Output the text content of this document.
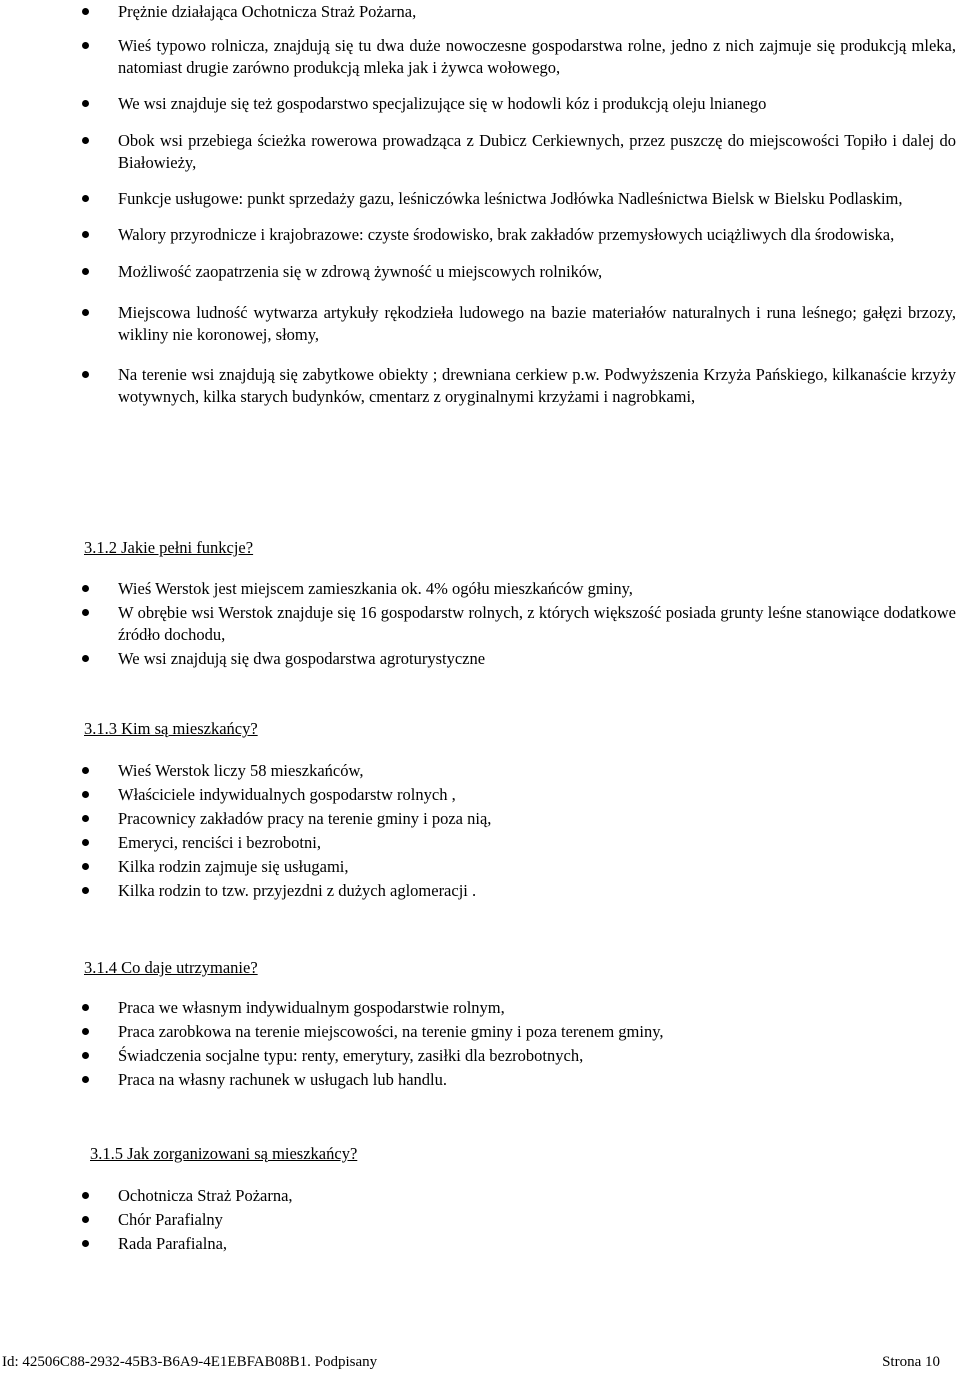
Prężnie działająca Ochotnicza Straż Pożarna,
Wieś typowo rolnicza, znajdują się tu dwa duże nowoczesne gospodarstwa rolne, jedno z nich zajmuje się produkcją mleka, natomiast drugie zarówno produkcją mleka jak i żywca wołowego,
We wsi znajduje się też gospodarstwo specjalizujące się w hodowli kóz i produkcją oleju lnianego
Obok wsi przebiega ścieżka rowerowa prowadząca z Dubicz Cerkiewnych, przez puszczę do miejscowości Topiło i dalej do Białowieży,
Funkcje usługowe: punkt sprzedaży gazu, leśniczówka leśnictwa Jodłówka Nadleśnictwa Bielsk w Bielsku Podlaskim,
Walory przyrodnicze i krajobrazowe: czyste środowisko, brak zakładów przemysłowych uciążliwych dla środowiska,
Możliwość zaopatrzenia się w zdrową żywność u miejscowych rolników,
Miejscowa ludność wytwarza artykuły rękodzieła ludowego na bazie materiałów naturalnych i runa leśnego; gałęzi brzozy, wikliny nie koronowej, słomy,
Na terenie wsi znajdują się zabytkowe obiekty ; drewniana cerkiew p.w. Podwyższenia Krzyża Pańskiego, kilkanaście krzyży wotywnych, kilka starych budynków, cmentarz z oryginalnymi krzyżami i nagrobkami,
3.1.2 Jakie pełni funkcje?
Wieś Werstok jest miejscem zamieszkania ok. 4% ogółu mieszkańców gminy,
W obrębie wsi Werstok znajduje się 16 gospodarstw rolnych, z których większość posiada grunty leśne stanowiące dodatkowe źródło dochodu,
We wsi znajdują się dwa gospodarstwa agroturystyczne
3.1.3 Kim są mieszkańcy?
Wieś Werstok liczy 58 mieszkańców,
Właściciele indywidualnych gospodarstw rolnych ,
Pracownicy zakładów pracy na terenie gminy i poza nią,
Emeryci, renciści i bezrobotni,
Kilka rodzin zajmuje się usługami,
Kilka rodzin to tzw. przyjezdni z dużych aglomeracji .
3.1.4 Co daje utrzymanie?
Praca we własnym indywidualnym gospodarstwie rolnym,
Praca zarobkowa na terenie miejscowości, na terenie gminy i poza terenem gminy,
Świadczenia socjalne typu: renty, emerytury, zasiłki dla bezrobotnych,
Praca na własny rachunek w usługach lub handlu.
3.1.5 Jak zorganizowani są mieszkańcy?
Ochotnicza Straż Pożarna,
Chór Parafialny
Rada Parafialna,
Id: 42506C88-2932-45B3-B6A9-4E1EBFAB08B1. Podpisany	Strona 10
